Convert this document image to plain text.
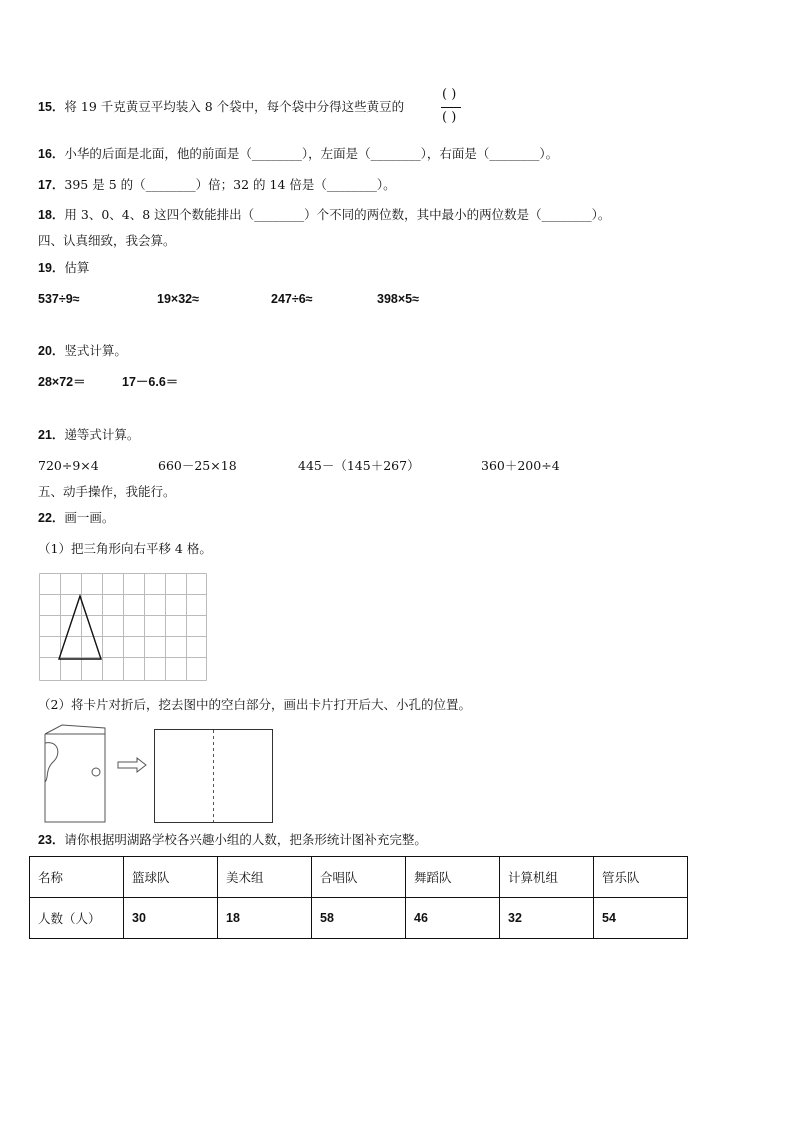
15．将 19 千克黄豆平均装入 8 个袋中，每个袋中分得这些黄豆的
( )
( )
16．小华的后面是北面，他的前面是（________），左面是（________），右面是（________）。
17．395 是 5 的（________）倍；32 的 14 倍是（________）。
18．用 3、0、4、8 这四个数能排出（________）个不同的两位数，其中最小的两位数是（________）。
四、认真细致，我会算。
19．估算
537÷9≈	19×32≈	247÷6≈	398×5≈
20．竖式计算。
28×72＝	17－6.6＝
21．递等式计算。
720÷9×4	660－25×18	445－（145＋267）	360＋200÷4
五、动手操作，我能行。
22．画一画。
（1）把三角形向右平移 4 格。
（2）将卡片对折后，挖去图中的空白部分，画出卡片打开后大、小孔的位置。
23．请你根据明湖路学校各兴趣小组的人数，把条形统计图补充完整。
名称	篮球队	美术组	合唱队	舞蹈队	计算机组	管乐队
人数（人）	30	18	58	46	32	54
